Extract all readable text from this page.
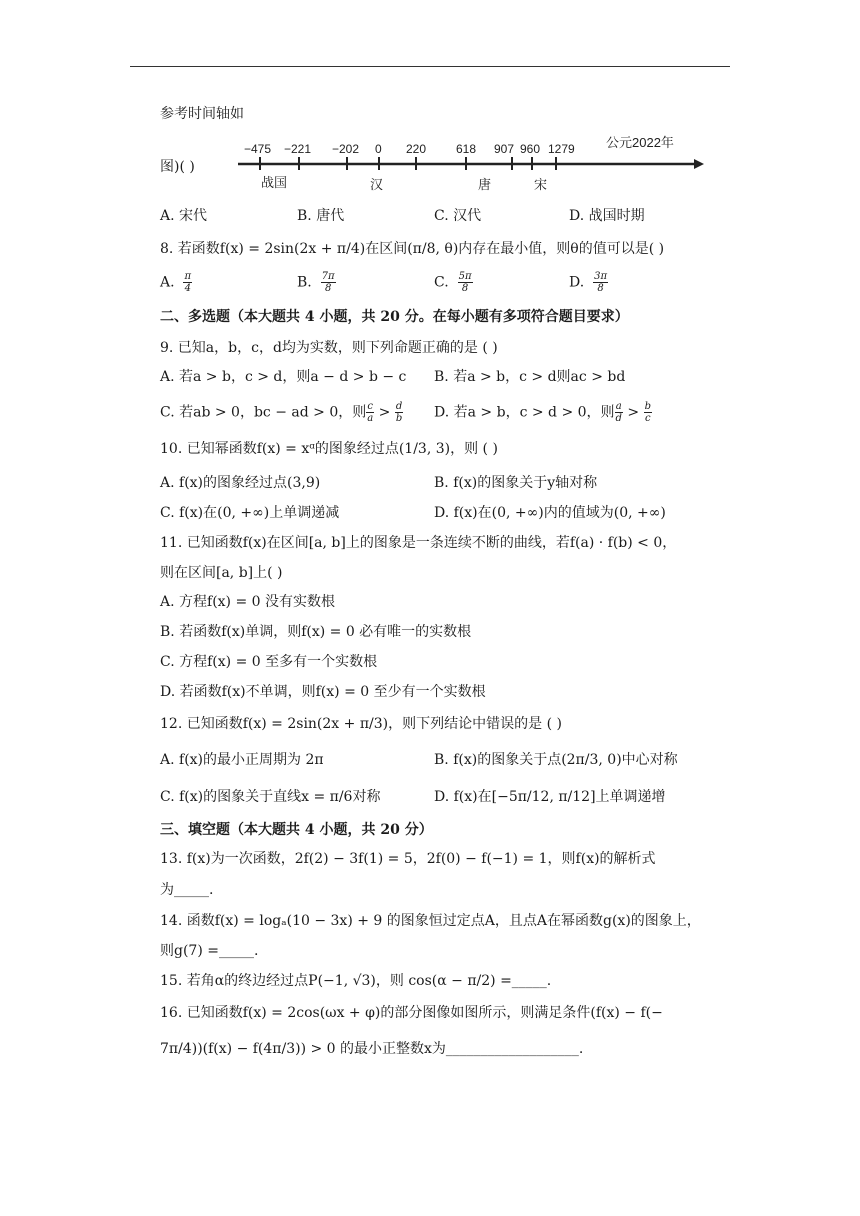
参考时间轴如
图)( )
−475 −221 −202 0 220 618 907 960 1279 公元2022年
战国	汉	唐	宋
A. 宋代	B. 唐代	C. 汉代	D. 战国时期
8. 若函数f(x) = 2sin(2x + π/4)在区间(π/8, θ)内存在最小值，则θ的值可以是( )
A. $\frac{\pi}{4}$	B. $\frac{7\pi}{8}$	C. $\frac{5\pi}{8}$	D. $\frac{3\pi}{8}$
二、多选题（本大题共 4 小题，共 20 分。在每小题有多项符合题目要求）
9. 已知a，b，c，d均为实数，则下列命题正确的是 ( )
A. 若a > b，c > d，则a − d > b − c B. 若a > b，c > d则ac > bd
C. 若ab > 0，bc − ad > 0，则 $\frac{c}{a} > \frac{d}{b} D$. 若a > b，c > d > 0，则 $\frac{a}{d} > \frac{b}{c}$
10. 已知幂函数f(x) = xᵅ的图象经过点(1/3, 3)，则 ( )
A. f(x)的图象经过点(3,9)	B. f(x)的图象关于y轴对称
C. f(x)在(0, +∞)上单调递减	D. f(x)在(0, +∞)内的值域为(0, +∞)
11. 已知函数f(x)在区间[a, b]上的图象是一条连续不断的曲线，若f(a) · f(b) < 0，
则在区间[a, b]上( )
A. 方程f(x) = 0 没有实数根
B. 若函数f(x)单调，则f(x) = 0 必有唯一的实数根
C. 方程f(x) = 0 至多有一个实数根
D. 若函数f(x)不单调，则f(x) = 0 至少有一个实数根
12. 已知函数f(x) = 2sin(2x + π/3)，则下列结论中错误的是 ( )
A. f(x)的最小正周期为 2π	B. f(x)的图象关于点(2π/3, 0)中心对称
C. f(x)的图象关于直线x = π/6对称	D. f(x)在[−5π/12, π/12]上单调递增
三、填空题（本大题共 4 小题，共 20 分）
13. f(x)为一次函数，2f(2) − 3f(1) = 5，2f(0) − f(−1) = 1，则f(x)的解析式
为_____.
14. 函数f(x) = logₐ(10 − 3x) + 9 的图象恒过定点A，且点A在幂函数g(x)的图象上，
则g(7) =_____.
15. 若角α的终边经过点P(−1, √3)，则 cos(α − π/2) =_____.
16. 已知函数f(x) = 2cos(ωx + φ)的部分图像如图所示，则满足条件(f(x) − f(−
7π/4))(f(x) − f(4π/3)) > 0 的最小正整数x为___________________.
